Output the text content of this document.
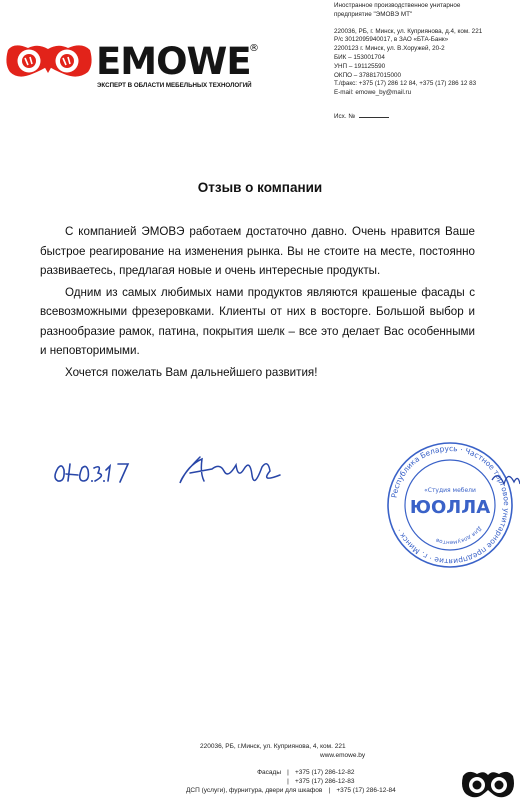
EMOWE
®
ЭКСПЕРТ В ОБЛАСТИ МЕБЕЛЬНЫХ ТЕХНОЛОГИЙ
Иностранное производственное унитарное
предприятие "ЭМОВЭ МТ"
220036, РБ, г. Минск, ул. Куприянова, д.4, ком. 221
Р/с 3012095940017, в ЗАО «БТА-Банк»
2200123 г. Минск, ул. В.Хоружей, 20-2
БИК – 153001704
УНП – 191125590
ОКПО – 378817015000
Т./факс: +375 (17) 286 12 84, +375 (17) 286 12 83
E-mail: emowe_by@mail.ru
Исх. №
Отзыв о компании

С компанией ЭМОВЭ работаем достаточно давно. Очень нравится Ваше быстрое реагирование на изменения рынка. Вы не стоите на месте, постоянно развиваетесь, предлагая новые и очень интересные продукты.

Одним из самых любимых нами продуктов являются крашеные фасады с всевозможными фрезеровками. Клиенты от них в восторге. Большой выбор и разнообразие рамок, патина, покрытия шелк – все это делает Вас особенными и неповторимыми.

Хочется пожелать Вам дальнейшего развития!

Республика Беларусь · Частное торговое унитарное предприятие · г. Минск ·	Для документов
«Студия мебели
ЮОЛЛА
220036, РБ, г.Минск, ул. Куприянова, 4, ком. 221
www.emowe.by
Фасады | +375 (17) 286-12-82
| +375 (17) 286-12-83
ДСП (услуги), фурнитура, двери для шкафов | +375 (17) 286-12-84
